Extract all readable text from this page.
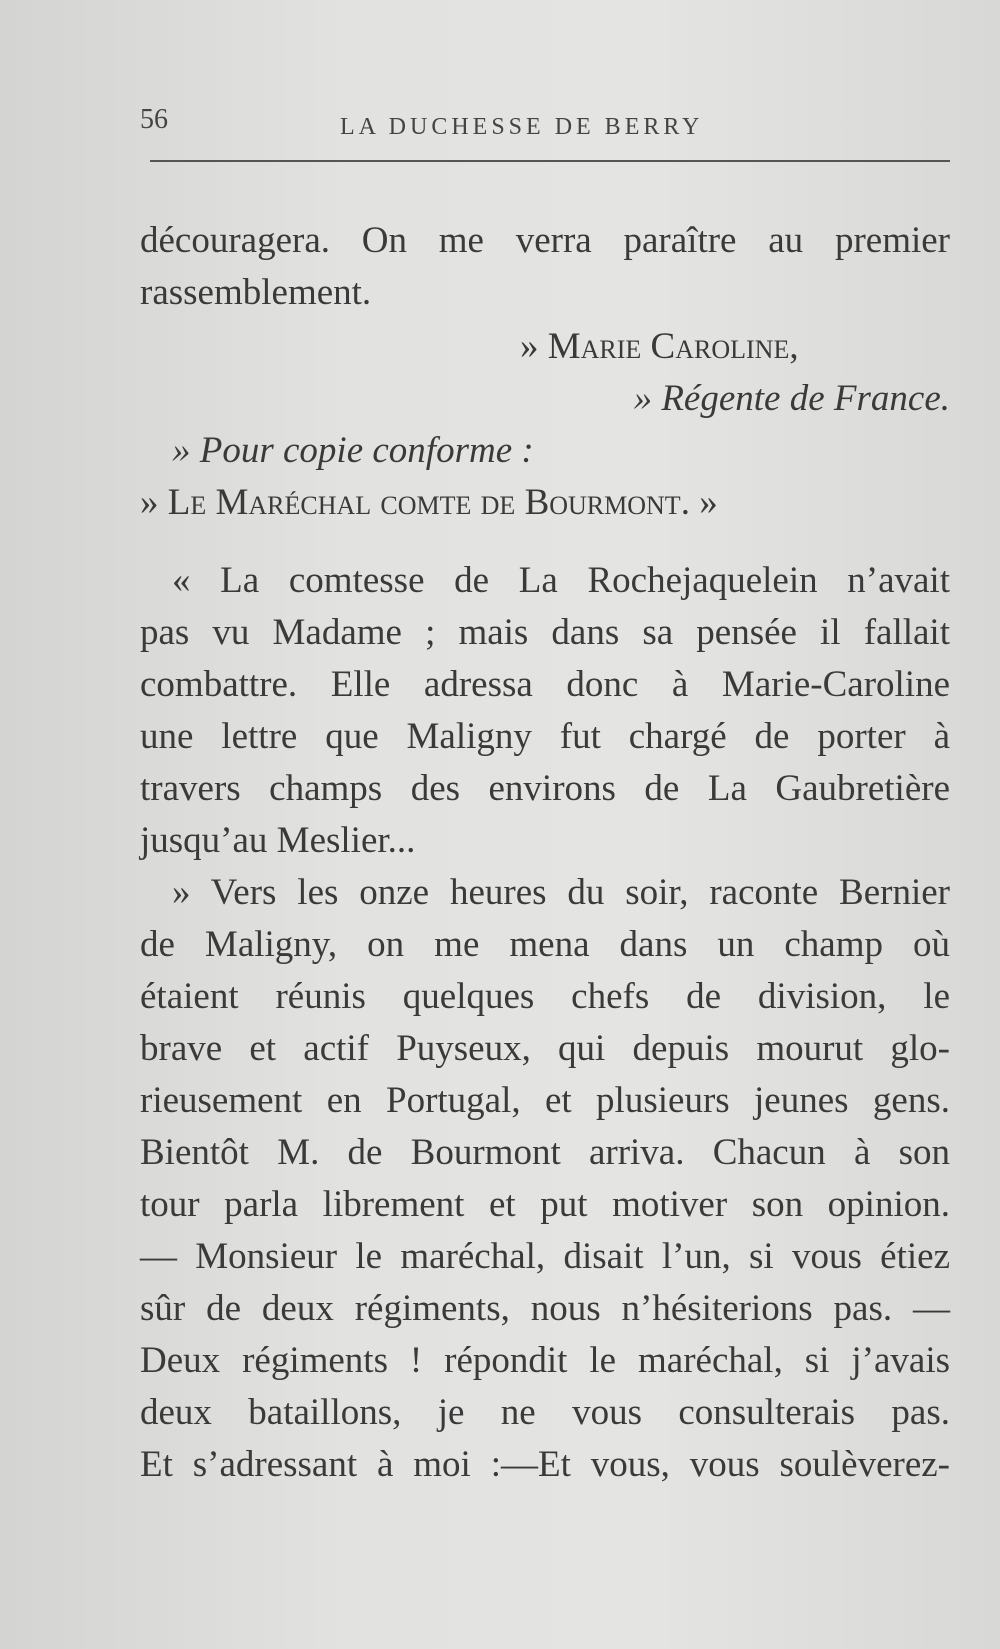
56	LA DUCHESSE DE BERRY
découragera. On me verra paraître au premier
rassemblement.
» Marie Caroline,
» Régente de France.
» Pour copie conforme :
» Le Maréchal comte de Bourmont. »
« La comtesse de La Rochejaquelein n’avait
pas vu Madame ; mais dans sa pensée il fallait
combattre. Elle adressa donc à Marie-Caroline
une lettre que Maligny fut chargé de porter à
travers champs des environs de La Gaubretière
jusqu’au Meslier...
» Vers les onze heures du soir, raconte Bernier
de Maligny, on me mena dans un champ où
étaient réunis quelques chefs de division, le
brave et actif Puyseux, qui depuis mourut glo-
rieusement en Portugal, et plusieurs jeunes gens.
Bientôt M. de Bourmont arriva. Chacun à son
tour parla librement et put motiver son opinion.
— Monsieur le maréchal, disait l’un, si vous étiez
sûr de deux régiments, nous n’hésiterions pas. —
Deux régiments ! répondit le maréchal, si j’avais
deux bataillons, je ne vous consulterais pas.
Et s’adressant à moi :—Et vous, vous soulèverez-
